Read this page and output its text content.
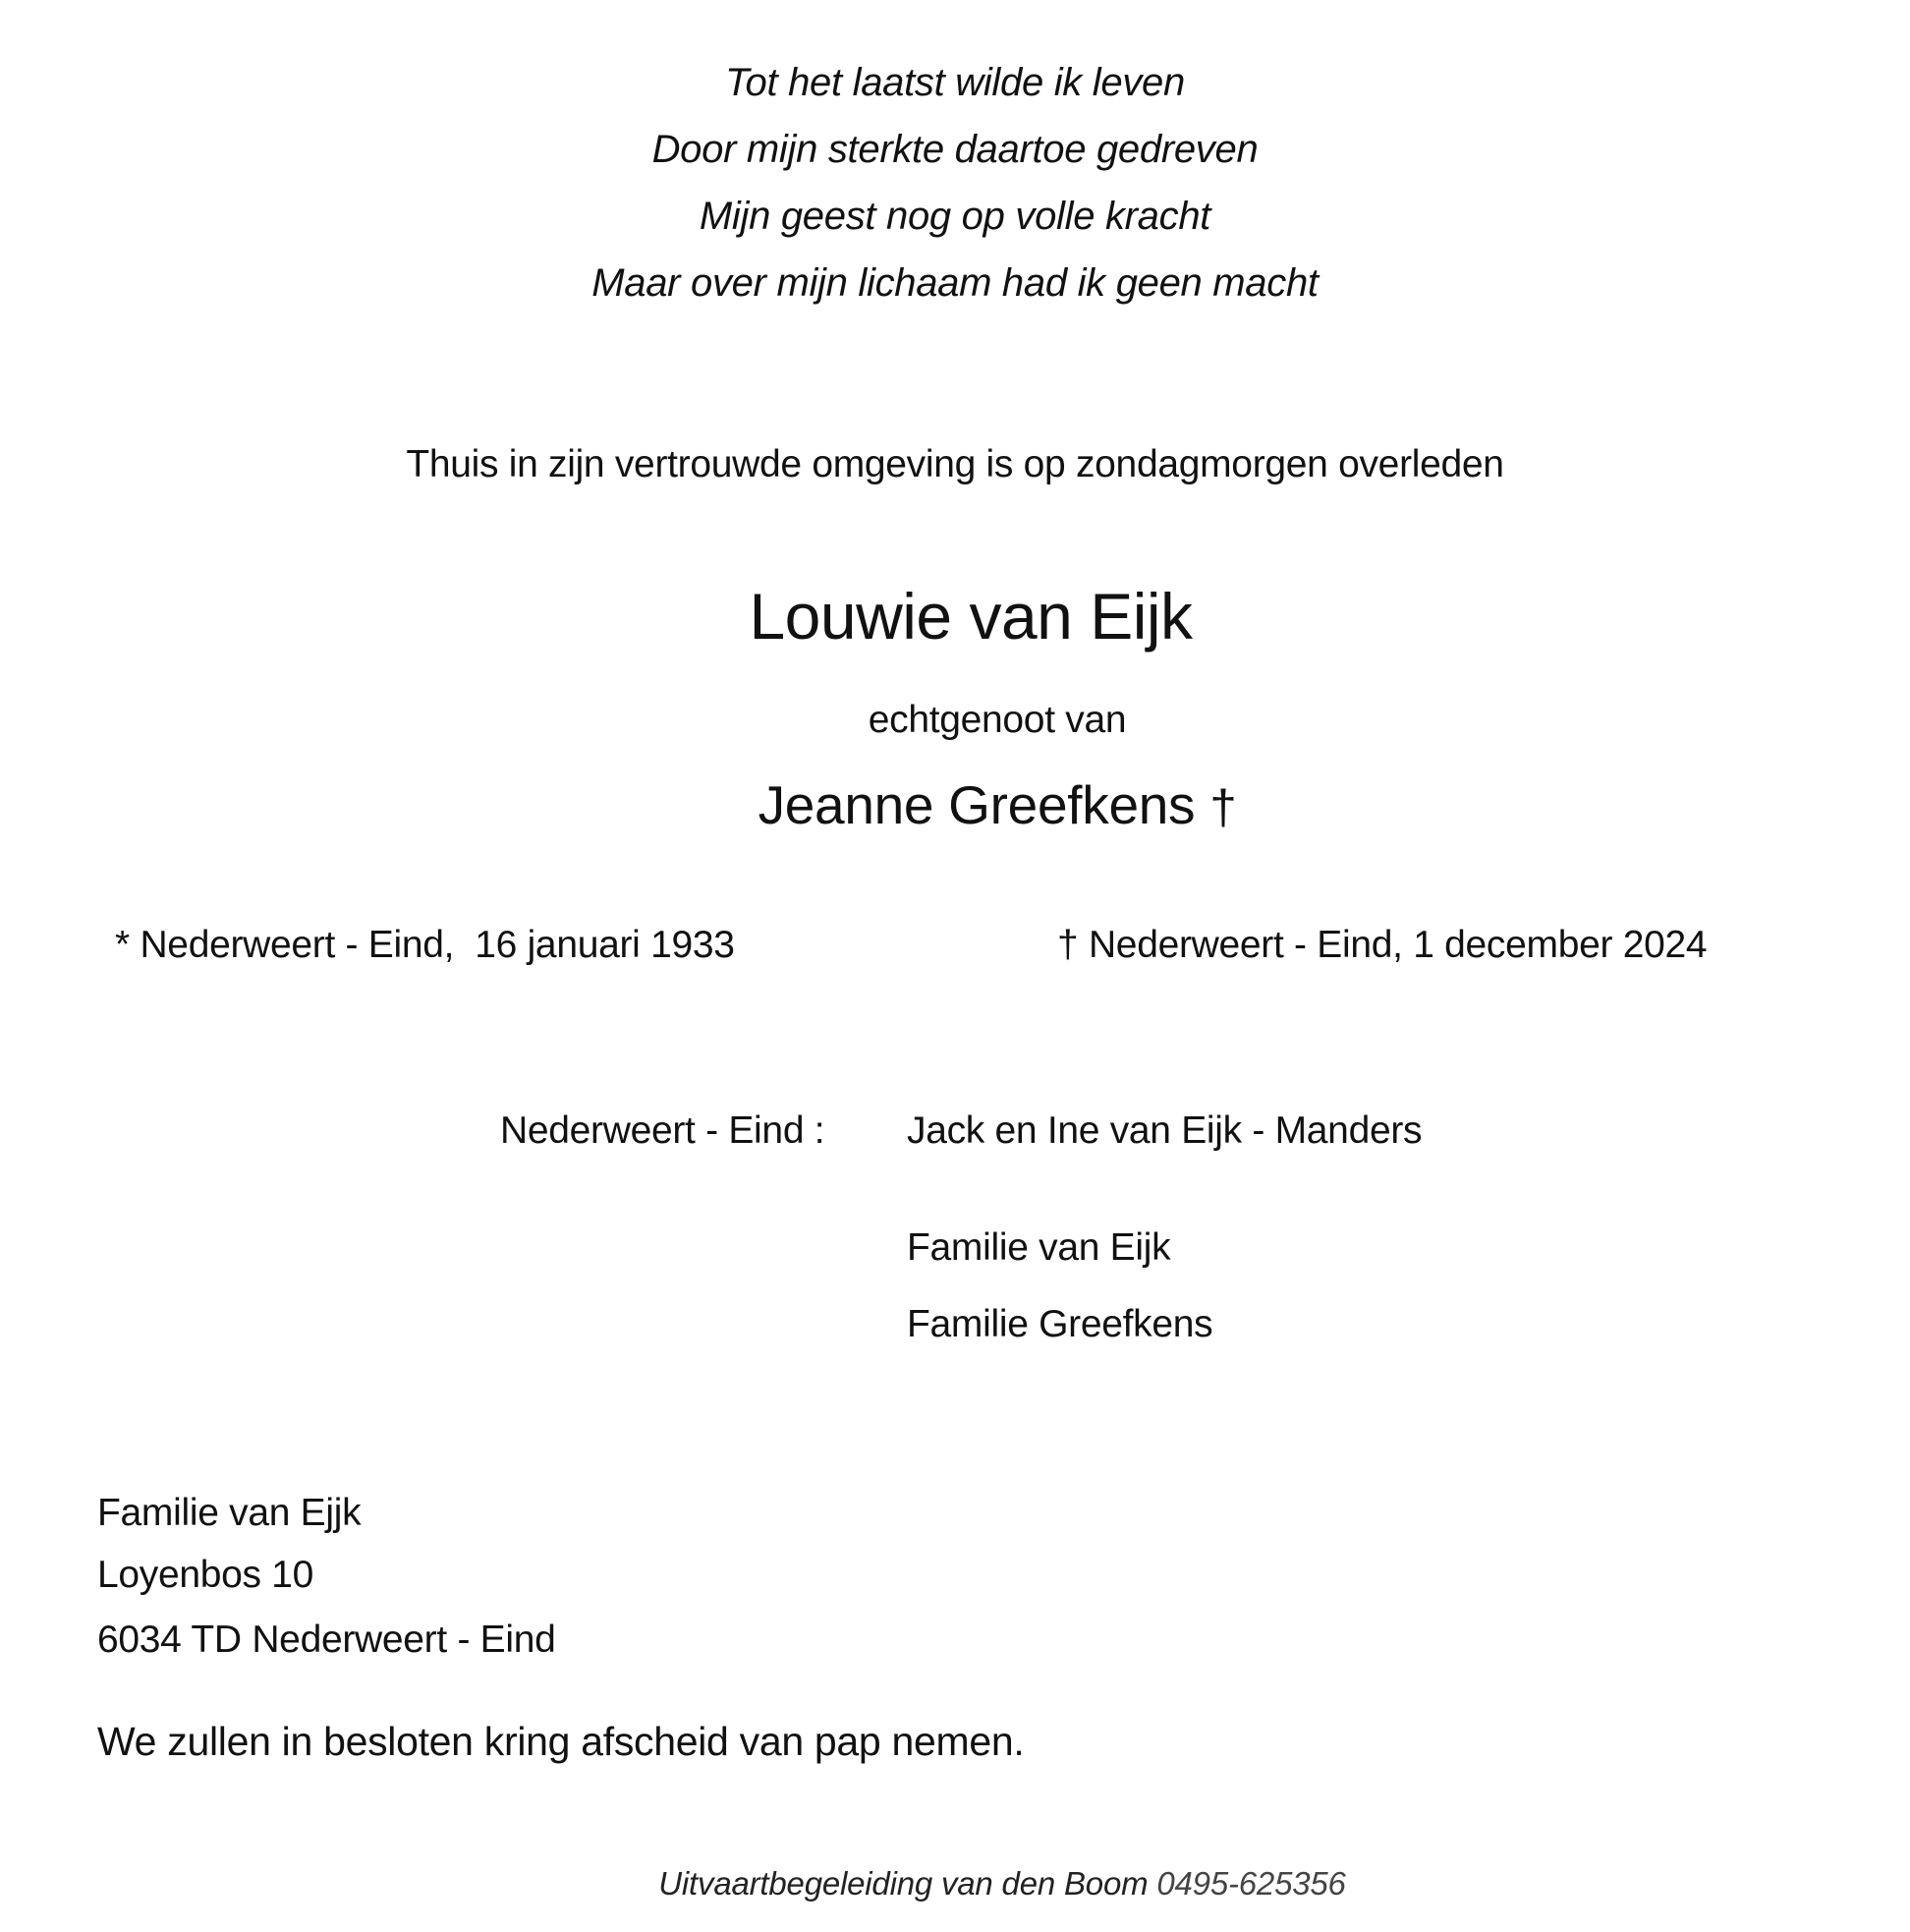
Tot het laatst wilde ik leven
Door mijn sterkte daartoe gedreven
Mijn geest nog op volle kracht
Maar over mijn lichaam had ik geen macht
Thuis in zijn vertrouwde omgeving is op zondagmorgen overleden
Louwie van Eijk
echtgenoot van
Jeanne Greefkens †
* Nederweert - Eind,  16 januari 1933	† Nederweert - Eind, 1 december 2024
Nederweert - Eind : Jack en Ine van Eijk - Manders
Familie van Eijk
Familie Greefkens
Familie van Ejjk
Loyenbos 10
6034 TD Nederweert - Eind
We zullen in besloten kring afscheid van pap nemen.
Uitvaartbegeleiding van den Boom 0495-625356
